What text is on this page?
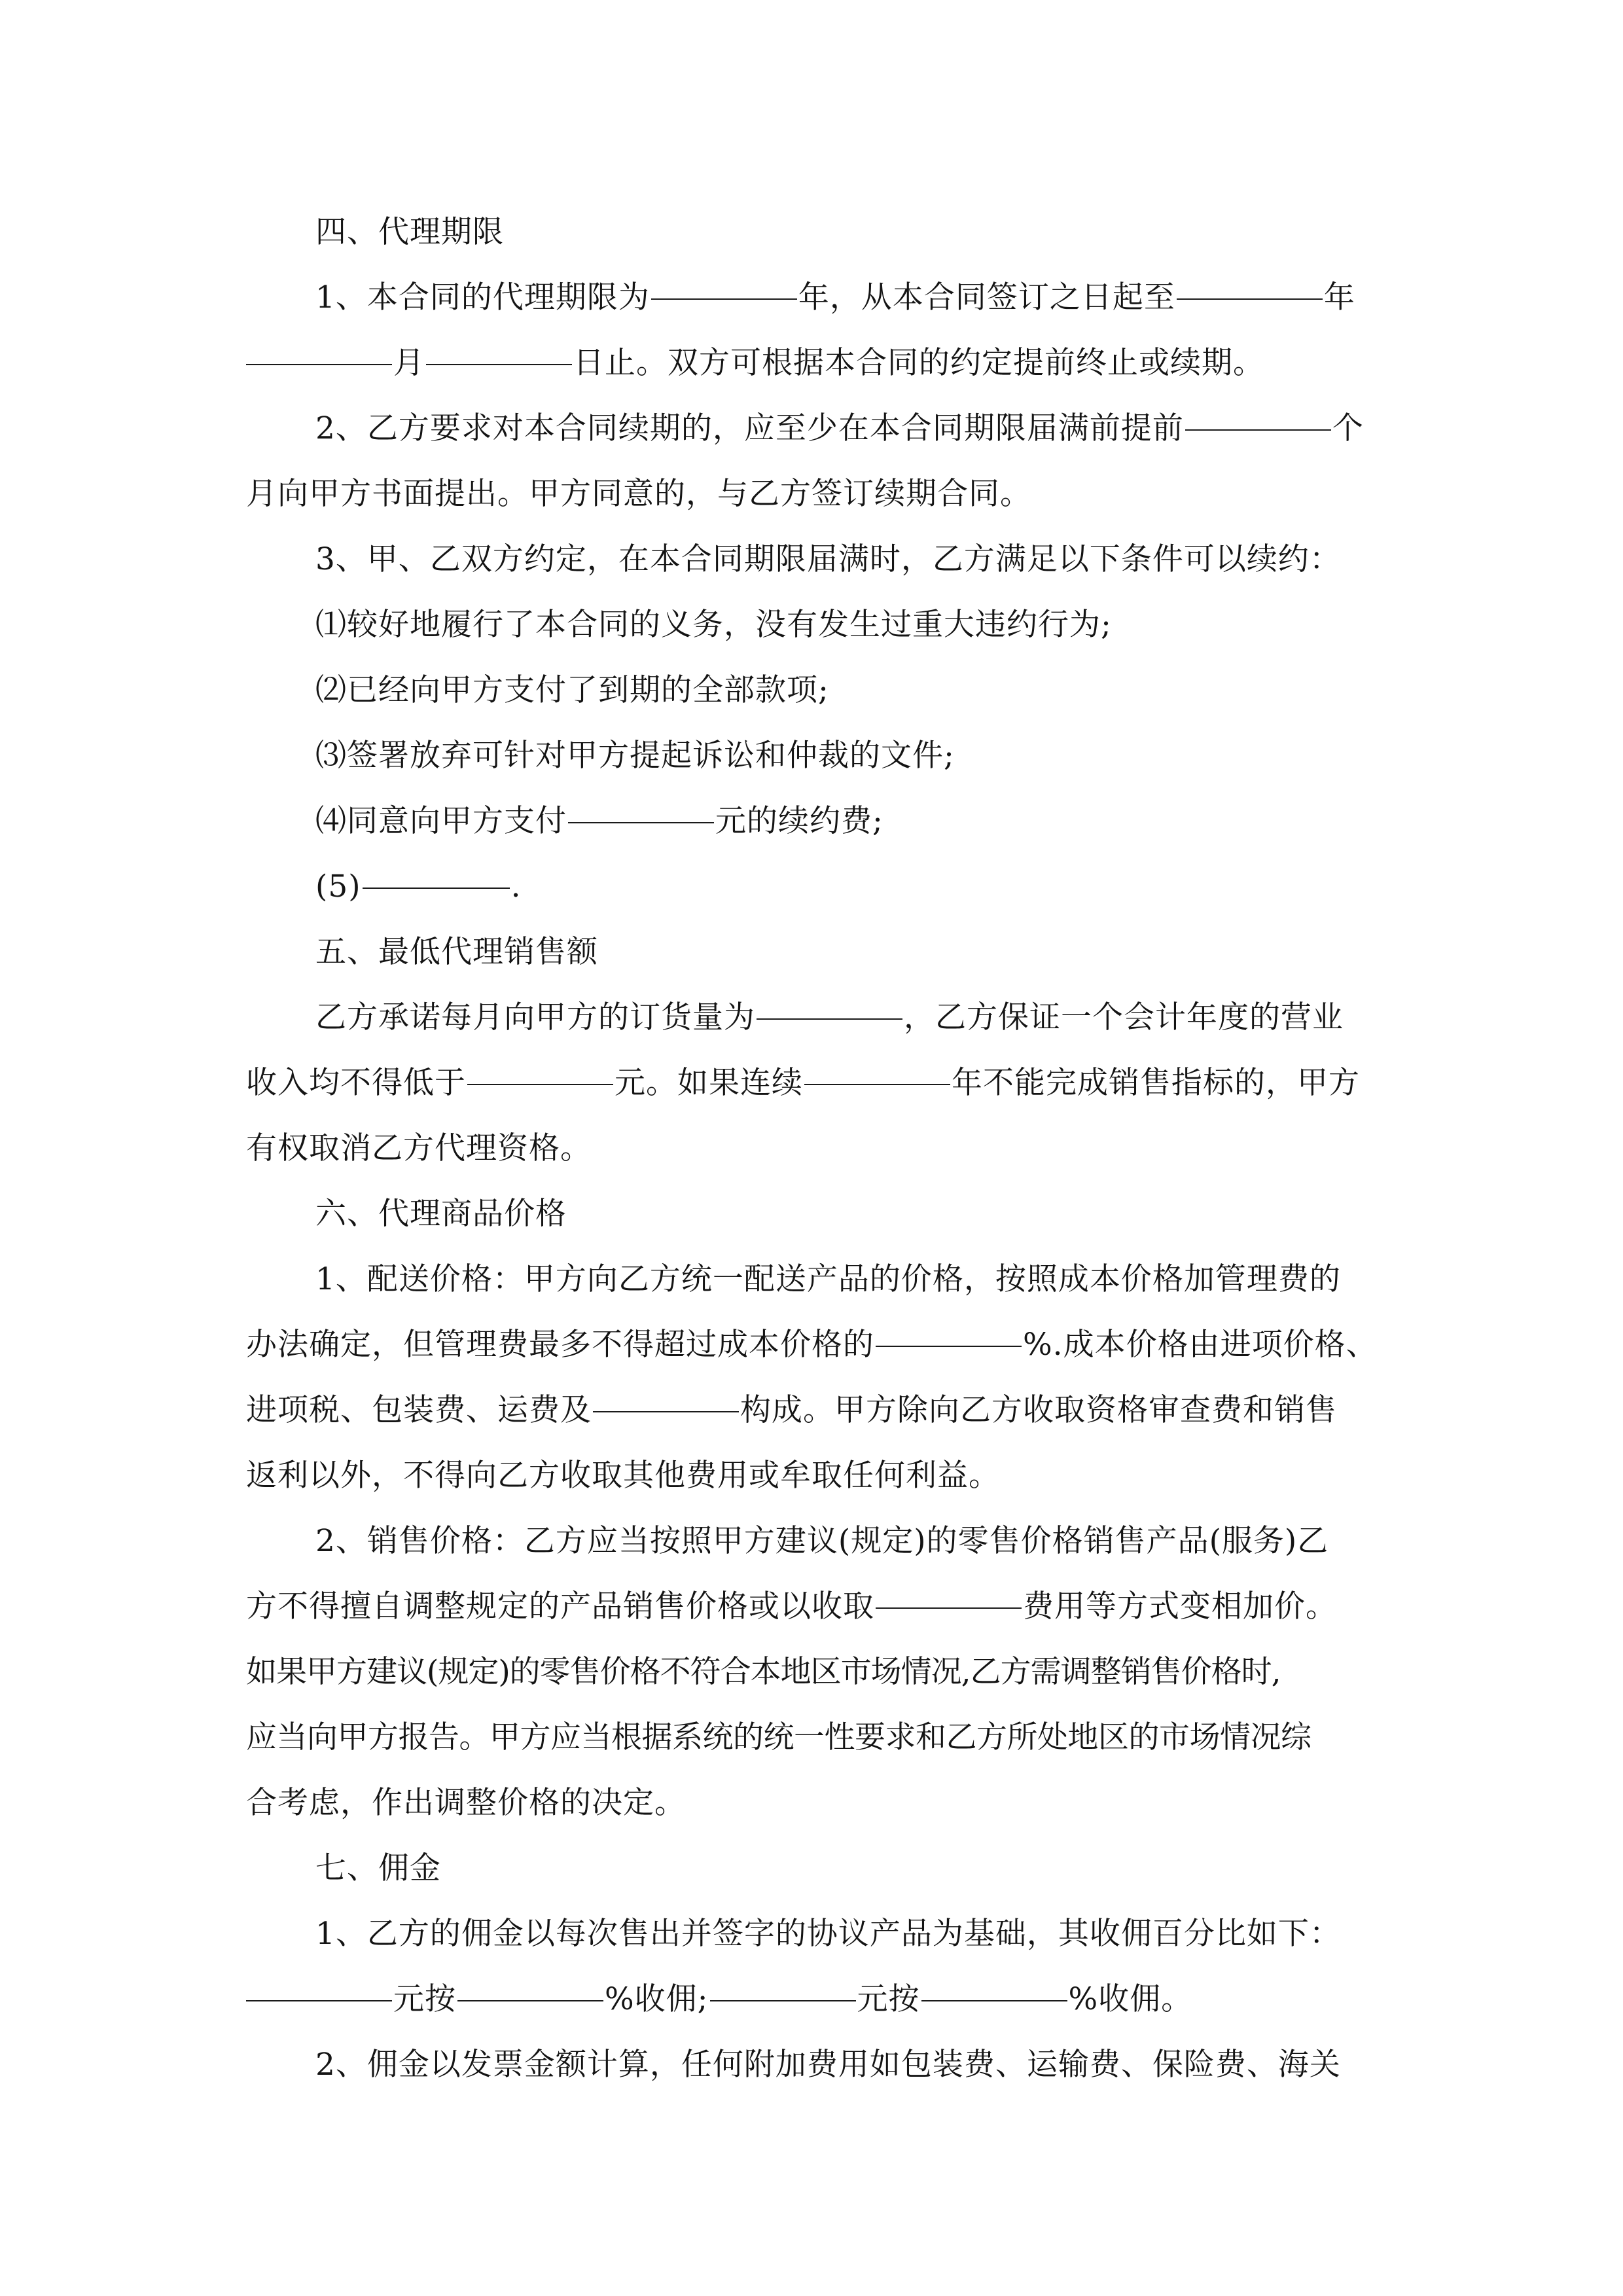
四、代理期限
1、本合同的代理期限为	年，从本合同签订之日起至	年
月	日止。双方可根据本合同的约定提前终止或续期。
2、乙方要求对本合同续期的，应至少在本合同期限届满前提前	个
月向甲方书面提出。甲方同意的，与乙方签订续期合同。
3、甲、乙双方约定，在本合同期限届满时，乙方满足以下条件可以续约：
⑴较好地履行了本合同的义务，没有发生过重大违约行为;
⑵已经向甲方支付了到期的全部款项;
⑶签署放弃可针对甲方提起诉讼和仲裁的文件;
⑷同意向甲方支付	元的续约费;
(5)	.
五、最低代理销售额
乙方承诺每月向甲方的订货量为	，乙方保证一个会计年度的营业
收入均不得低于	元。如果连续	年不能完成销售指标的，甲方
有权取消乙方代理资格。
六、代理商品价格
1、配送价格：甲方向乙方统一配送产品的价格，按照成本价格加管理费的
办法确定，但管理费最多不得超过成本价格的	%.成本价格由进项价格、
进项税、包装费、运费及	构成。甲方除向乙方收取资格审查费和销售
返利以外，不得向乙方收取其他费用或牟取任何利益。
2、销售价格：乙方应当按照甲方建议(规定)的零售价格销售产品(服务)乙
方不得擅自调整规定的产品销售价格或以收取	费用等方式变相加价。
如果甲方建议(规定)的零售价格不符合本地区市场情况,乙方需调整销售价格时,
应当向甲方报告。甲方应当根据系统的统一性要求和乙方所处地区的市场情况综
合考虑，作出调整价格的决定。
七、佣金
1、乙方的佣金以每次售出并签字的协议产品为基础，其收佣百分比如下：
元按	%收佣;	元按	%收佣。
2、佣金以发票金额计算，任何附加费用如包装费、运输费、保险费、海关
